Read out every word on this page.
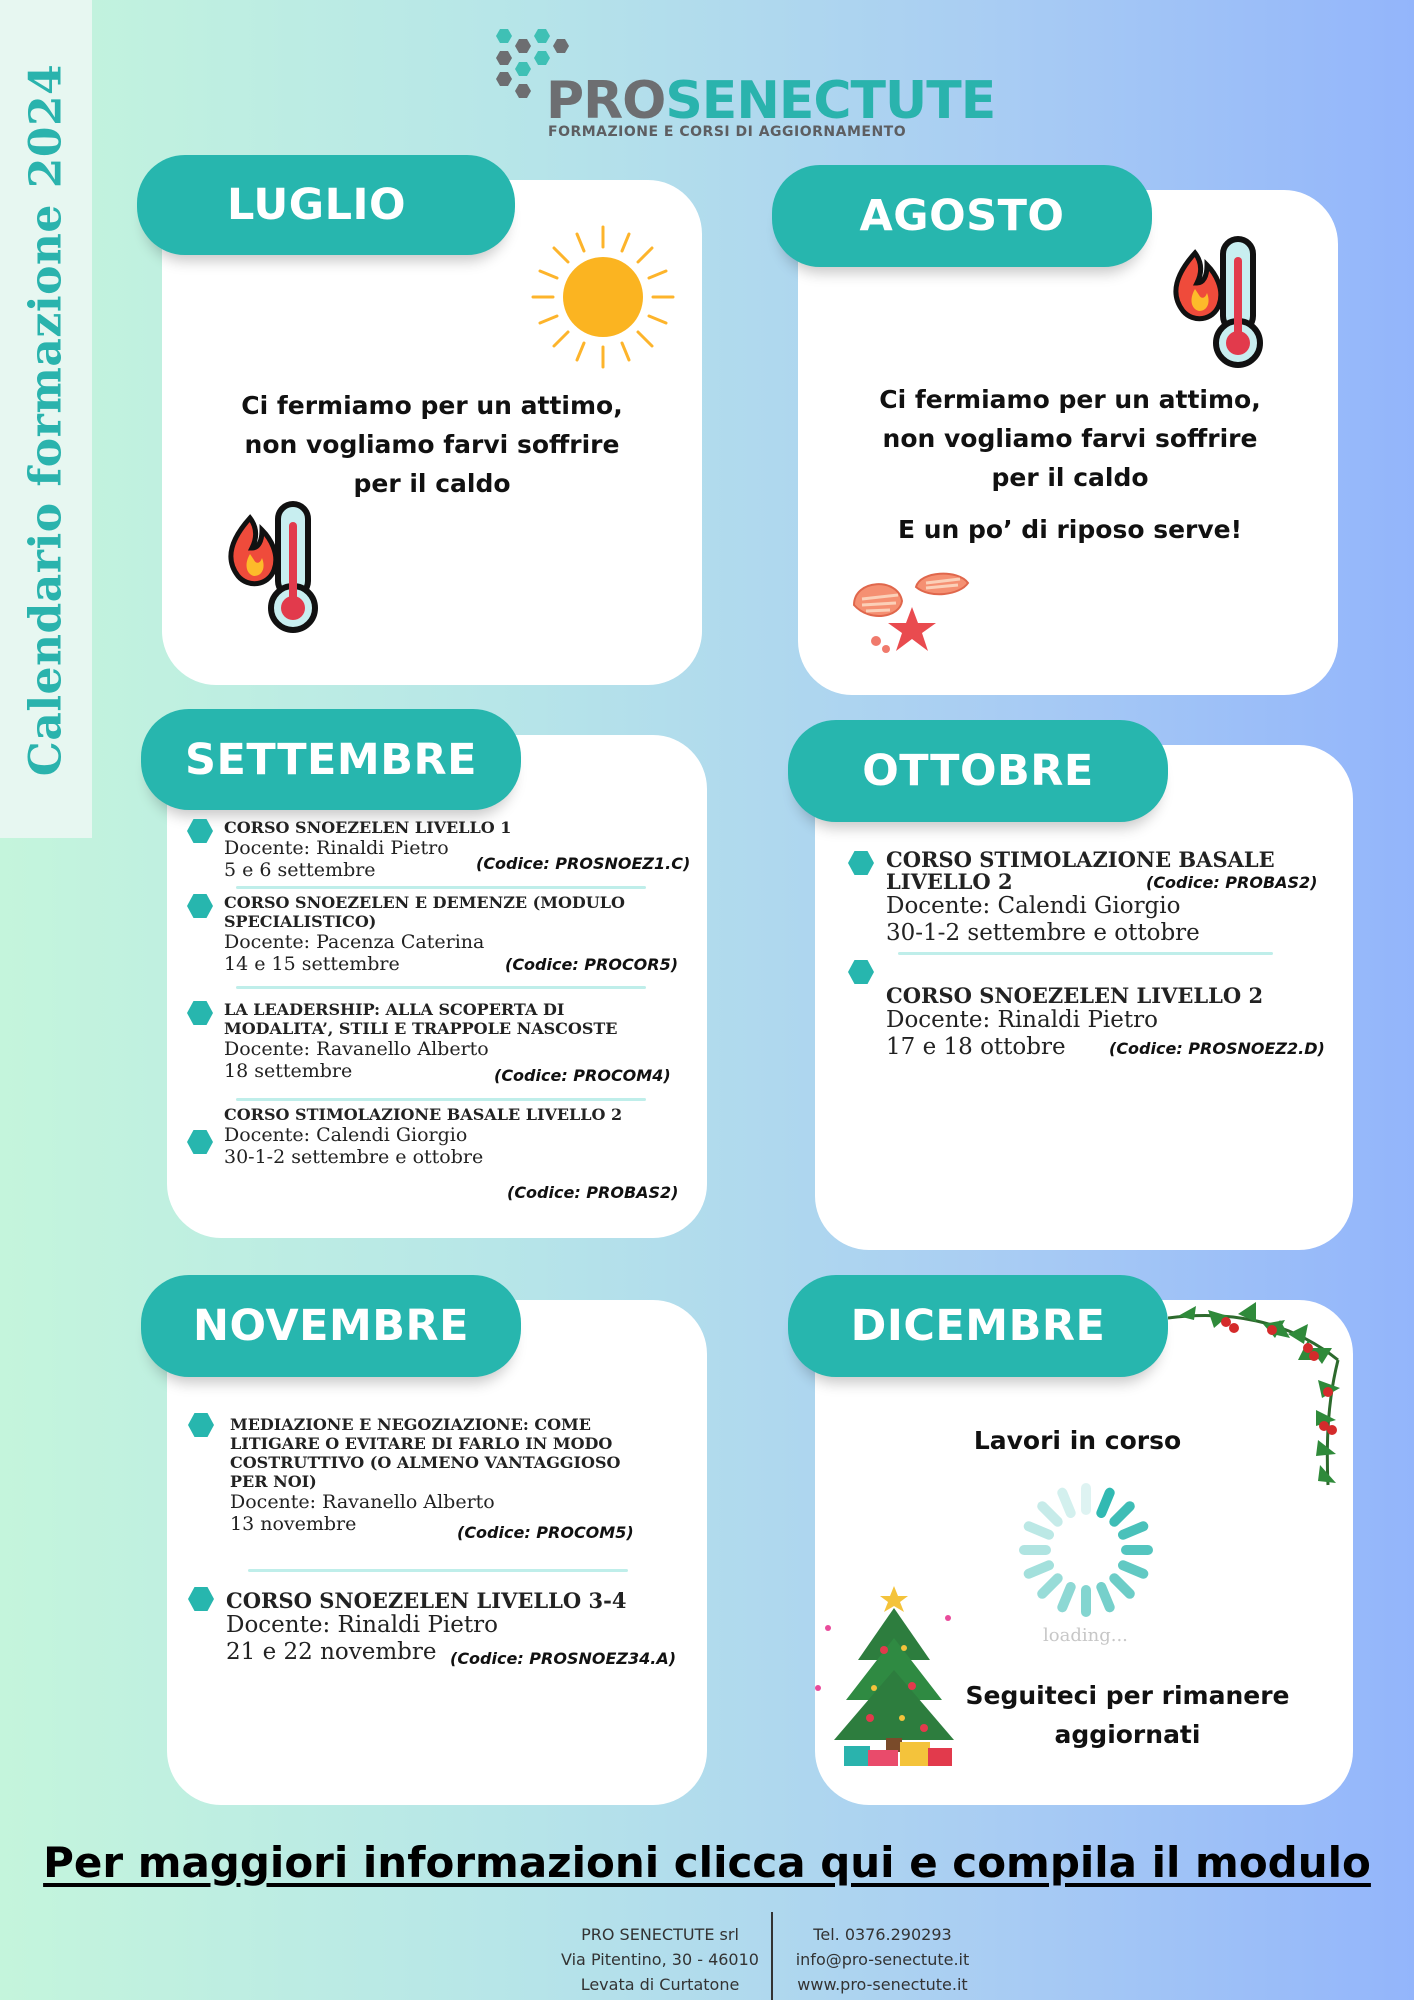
Calendario formazione 2024	PROSENECTUTE
FORMAZIONE E CORSI DI AGGIORNAMENTO
LUGLIO
Ci fermiamo per un attimo,
non vogliamo farvi soffrire
per il caldo
AGOSTO
Ci fermiamo per un attimo,
non vogliamo farvi soffrire
per il caldo
E un po’ di riposo serve!
SETTEMBRE
CORSO SNOEZELEN LIVELLO 1
Docente: Rinaldi Pietro
5 e 6 settembre	(Codice: PROSNOEZ1.C)
CORSO SNOEZELEN E DEMENZE (MODULO
SPECIALISTICO)
Docente: Pacenza Caterina
14 e 15 settembre	(Codice: PROCOR5)
LA LEADERSHIP: ALLA SCOPERTA DI
MODALITA’, STILI E TRAPPOLE NASCOSTE
Docente: Ravanello Alberto
18 settembre	(Codice: PROCOM4)
CORSO STIMOLAZIONE BASALE LIVELLO 2
Docente: Calendi Giorgio
30-1-2 settembre e ottobre
(Codice: PROBAS2)
OTTOBRE
CORSO STIMOLAZIONE BASALE
LIVELLO 2
Docente: Calendi Giorgio
30-1-2 settembre e ottobre
(Codice: PROBAS2)
CORSO SNOEZELEN LIVELLO 2
Docente: Rinaldi Pietro
17 e 18 ottobre	(Codice: PROSNOEZ2.D)
NOVEMBRE
MEDIAZIONE E NEGOZIAZIONE: COME
LITIGARE O EVITARE DI FARLO IN MODO
COSTRUTTIVO (O ALMENO VANTAGGIOSO
PER NOI)
Docente: Ravanello Alberto
13 novembre	(Codice: PROCOM5)
CORSO SNOEZELEN LIVELLO 3-4
Docente: Rinaldi Pietro
21 e 22 novembre (Codice: PROSNOEZ34.A)
DICEMBRE
Lavori in corso
loading...
Seguiteci per rimanere
aggiornati
Per maggiori informazioni clicca qui e compila il modulo
PRO SENECTUTE srl
Via Pitentino, 30 - 46010
Levata di Curtatone
Tel. 0376.290293
info@pro-senectute.it
www.pro-senectute.it
